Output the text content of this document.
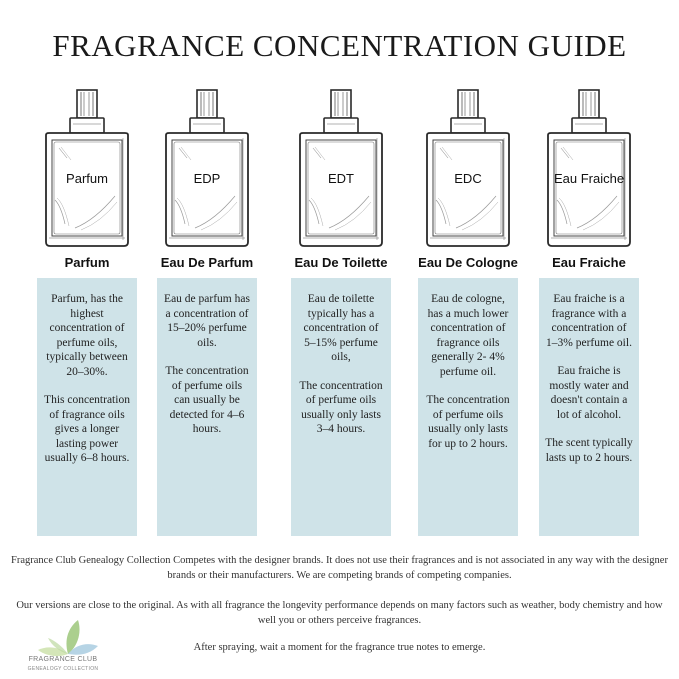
FRAGRANCE CONCENTRATION GUIDE
Parfum
Parfum

Parfum, has the highest concentration of perfume oils, typically between 20–30%.

This concentration of fragrance oils gives a longer lasting power usually 6–8 hours.

EDP
Eau De Parfum

Eau de parfum has a concentration of 15–20% perfume oils.

The concentration of perfume oils can usually be detected for 4–6 hours.

EDT
Eau De Toilette

Eau de toilette typically has a concentration of 5–15% perfume oils,

The concentration of perfume oils usually only lasts 3–4 hours.

EDC
Eau De Cologne

Eau de cologne, has a much lower concentration of fragrance oils generally 2- 4% perfume oil.

The concentration of perfume oils usually only lasts for up to 2 hours.

Eau Fraiche
Eau Fraiche

Eau fraiche is a fragrance with a concentration of 1–3% perfume oil.

Eau fraiche is mostly water and doesn't contain a lot of alcohol.

The scent typically lasts up to 2 hours.

Fragrance Club Genealogy Collection Competes with the designer brands. It does not use their fragrances and is not associated in any way with the designer brands or their manufacturers. We are competing brands of competing companies.
Our versions are close to the original. As with all fragrance the longevity performance depends on many factors such as weather, body chemistry and how well you or others perceive fragrances.
After spraying, wait a moment for the fragrance true notes to emerge.
FRAGRANCE CLUB
GENEALOGY COLLECTION
